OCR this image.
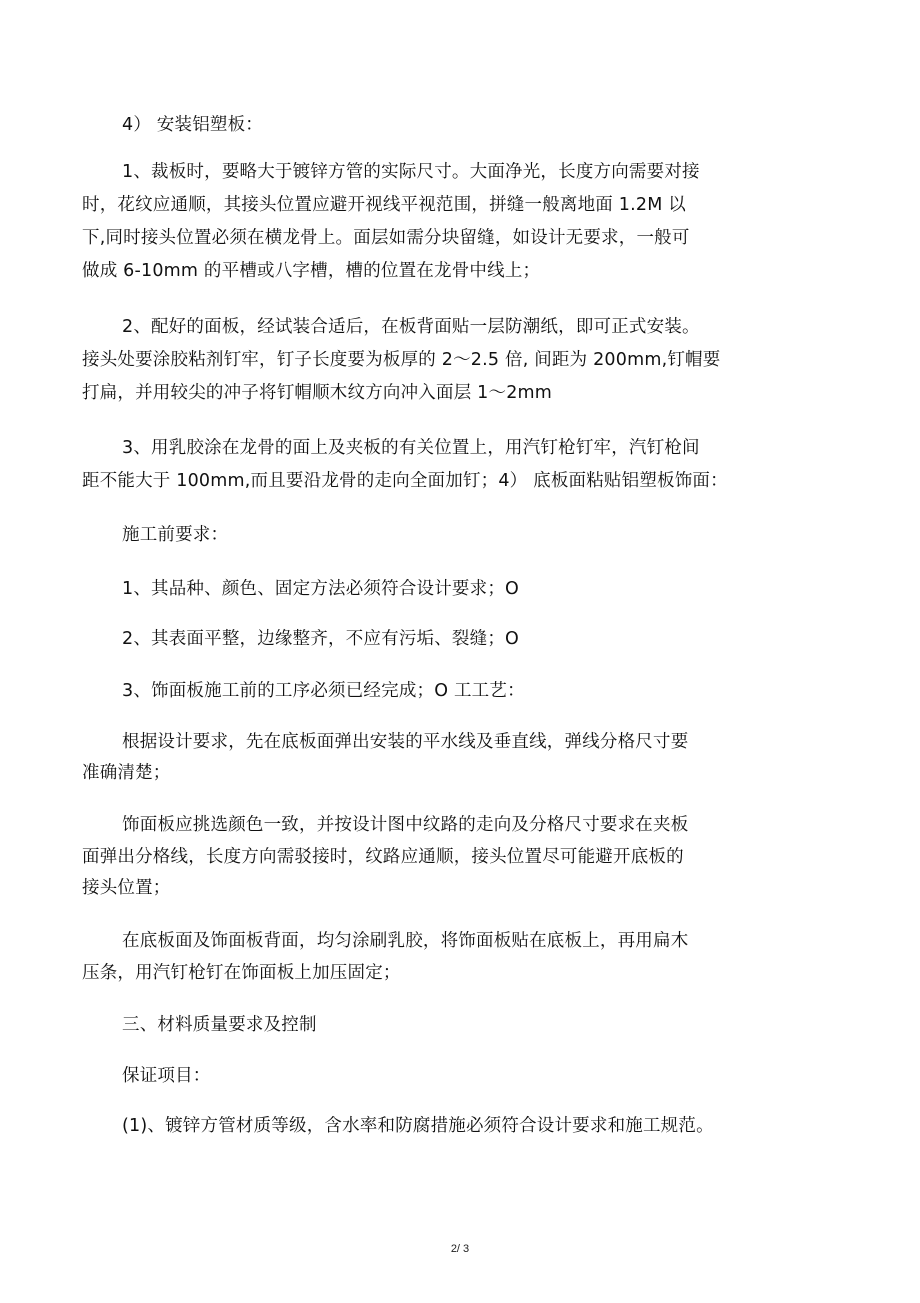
4） 安装铝塑板：
1、裁板时，要略大于镀锌方管的实际尺寸。大面净光，长度方向需要对接
时，花纹应通顺，其接头位置应避开视线平视范围，拼缝一般离地面 1.2M 以
下,同时接头位置必须在横龙骨上。面层如需分块留缝，如设计无要求，一般可
做成 6-10mm 的平槽或八字槽，槽的位置在龙骨中线上；
2、配好的面板，经试装合适后，在板背面贴一层防潮纸，即可正式安装。
接头处要涂胶粘剂钉牢，钉子长度要为板厚的 2～2.5 倍, 间距为 200mm,钉帽要
打扁，并用较尖的冲子将钉帽顺木纹方向冲入面层 1～2mm
3、用乳胶涂在龙骨的面上及夹板的有关位置上，用汽钉枪钉牢，汽钉枪间
距不能大于 100mm,而且要沿龙骨的走向全面加钉；4） 底板面粘贴铝塑板饰面：
施工前要求：
1、其品种、颜色、固定方法必须符合设计要求；O
2、其表面平整，边缘整齐，不应有污垢、裂缝；O
3、饰面板施工前的工序必须已经完成；O 工工艺：
根据设计要求，先在底板面弹出安装的平水线及垂直线，弹线分格尺寸要
准确清楚；
饰面板应挑选颜色一致，并按设计图中纹路的走向及分格尺寸要求在夹板
面弹出分格线，长度方向需驳接时，纹路应通顺，接头位置尽可能避开底板的
接头位置；
在底板面及饰面板背面，均匀涂刷乳胶，将饰面板贴在底板上，再用扁木
压条，用汽钉枪钉在饰面板上加压固定；
三、材料质量要求及控制
保证项目：
(1)、镀锌方管材质等级，含水率和防腐措施必须符合设计要求和施工规范。
2/ 3
